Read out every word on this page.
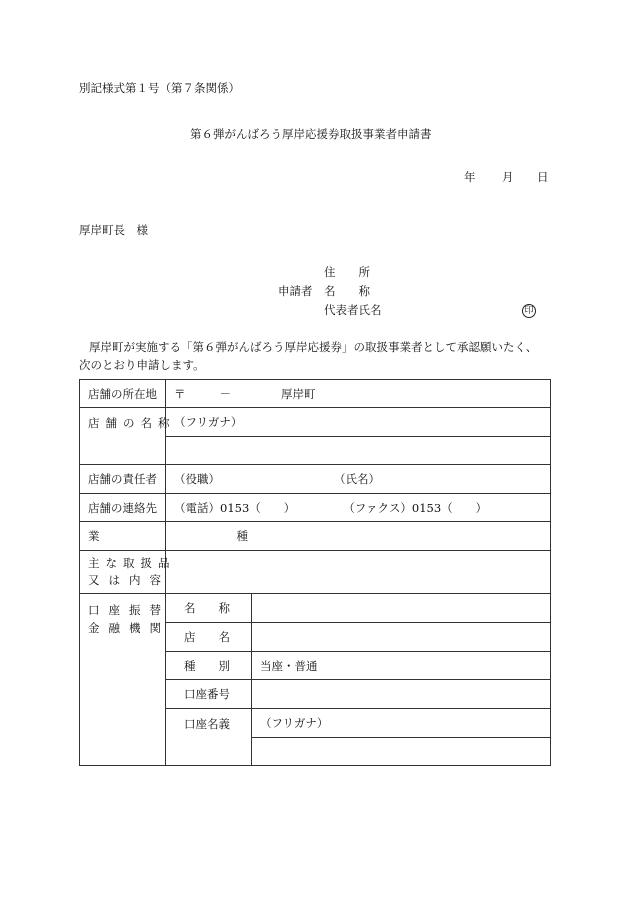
別記様式第１号（第７条関係）
第６弾がんばろう厚岸応援券取扱事業者申請書
年 月 日
厚岸町長　様
住　　所
申請者 名　　称
代表者氏名	印
厚岸町が実施する「第６弾がんばろう厚岸応援券」の取扱事業者として承認願いたく、
次のとおり申請します。
店舗の所在地	〒 － 厚岸町	
店舗の名称	（フリガナ）	

店舗の責任者	（役職） （氏名）	
店舗の連絡先	（電話）0153（　　） （ファクス）0153（　　）	
業　　種		

主な取扱品
又は内容		

口座振替
金融機関	名　　称	
	店　　名	
	種　　別	当座・普通
	口座番号	
	口座名義	（フリガナ）
